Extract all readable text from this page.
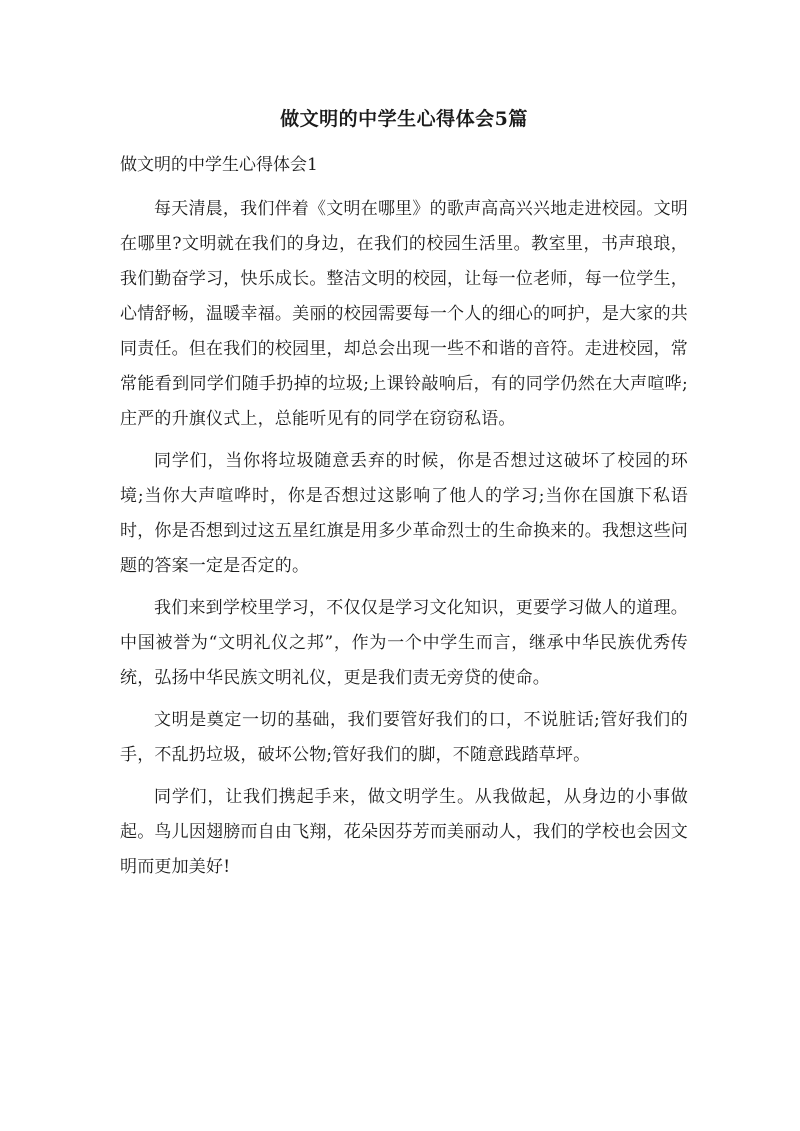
做文明的中学生心得体会5篇
做文明的中学生心得体会1

每天清晨，我们伴着《文明在哪里》的歌声高高兴兴地走进校园。文明在哪里?文明就在我们的身边，在我们的校园生活里。教室里，书声琅琅，我们勤奋学习，快乐成长。整洁文明的校园，让每一位老师，每一位学生，心情舒畅，温暖幸福。美丽的校园需要每一个人的细心的呵护，是大家的共同责任。但在我们的校园里，却总会出现一些不和谐的音符。走进校园，常常能看到同学们随手扔掉的垃圾;上课铃敲响后，有的同学仍然在大声喧哗;庄严的升旗仪式上，总能听见有的同学在窃窃私语。

同学们，当你将垃圾随意丢弃的时候，你是否想过这破坏了校园的环境;当你大声喧哗时，你是否想过这影响了他人的学习;当你在国旗下私语时，你是否想到过这五星红旗是用多少革命烈士的生命换来的。我想这些问题的答案一定是否定的。

我们来到学校里学习，不仅仅是学习文化知识，更要学习做人的道理。中国被誉为“文明礼仪之邦”，作为一个中学生而言，继承中华民族优秀传统，弘扬中华民族文明礼仪，更是我们责无旁贷的使命。

文明是奠定一切的基础，我们要管好我们的口，不说脏话;管好我们的手，不乱扔垃圾，破坏公物;管好我们的脚，不随意践踏草坪。

同学们，让我们携起手来，做文明学生。从我做起，从身边的小事做起。鸟儿因翅膀而自由飞翔，花朵因芬芳而美丽动人，我们的学校也会因文明而更加美好!
